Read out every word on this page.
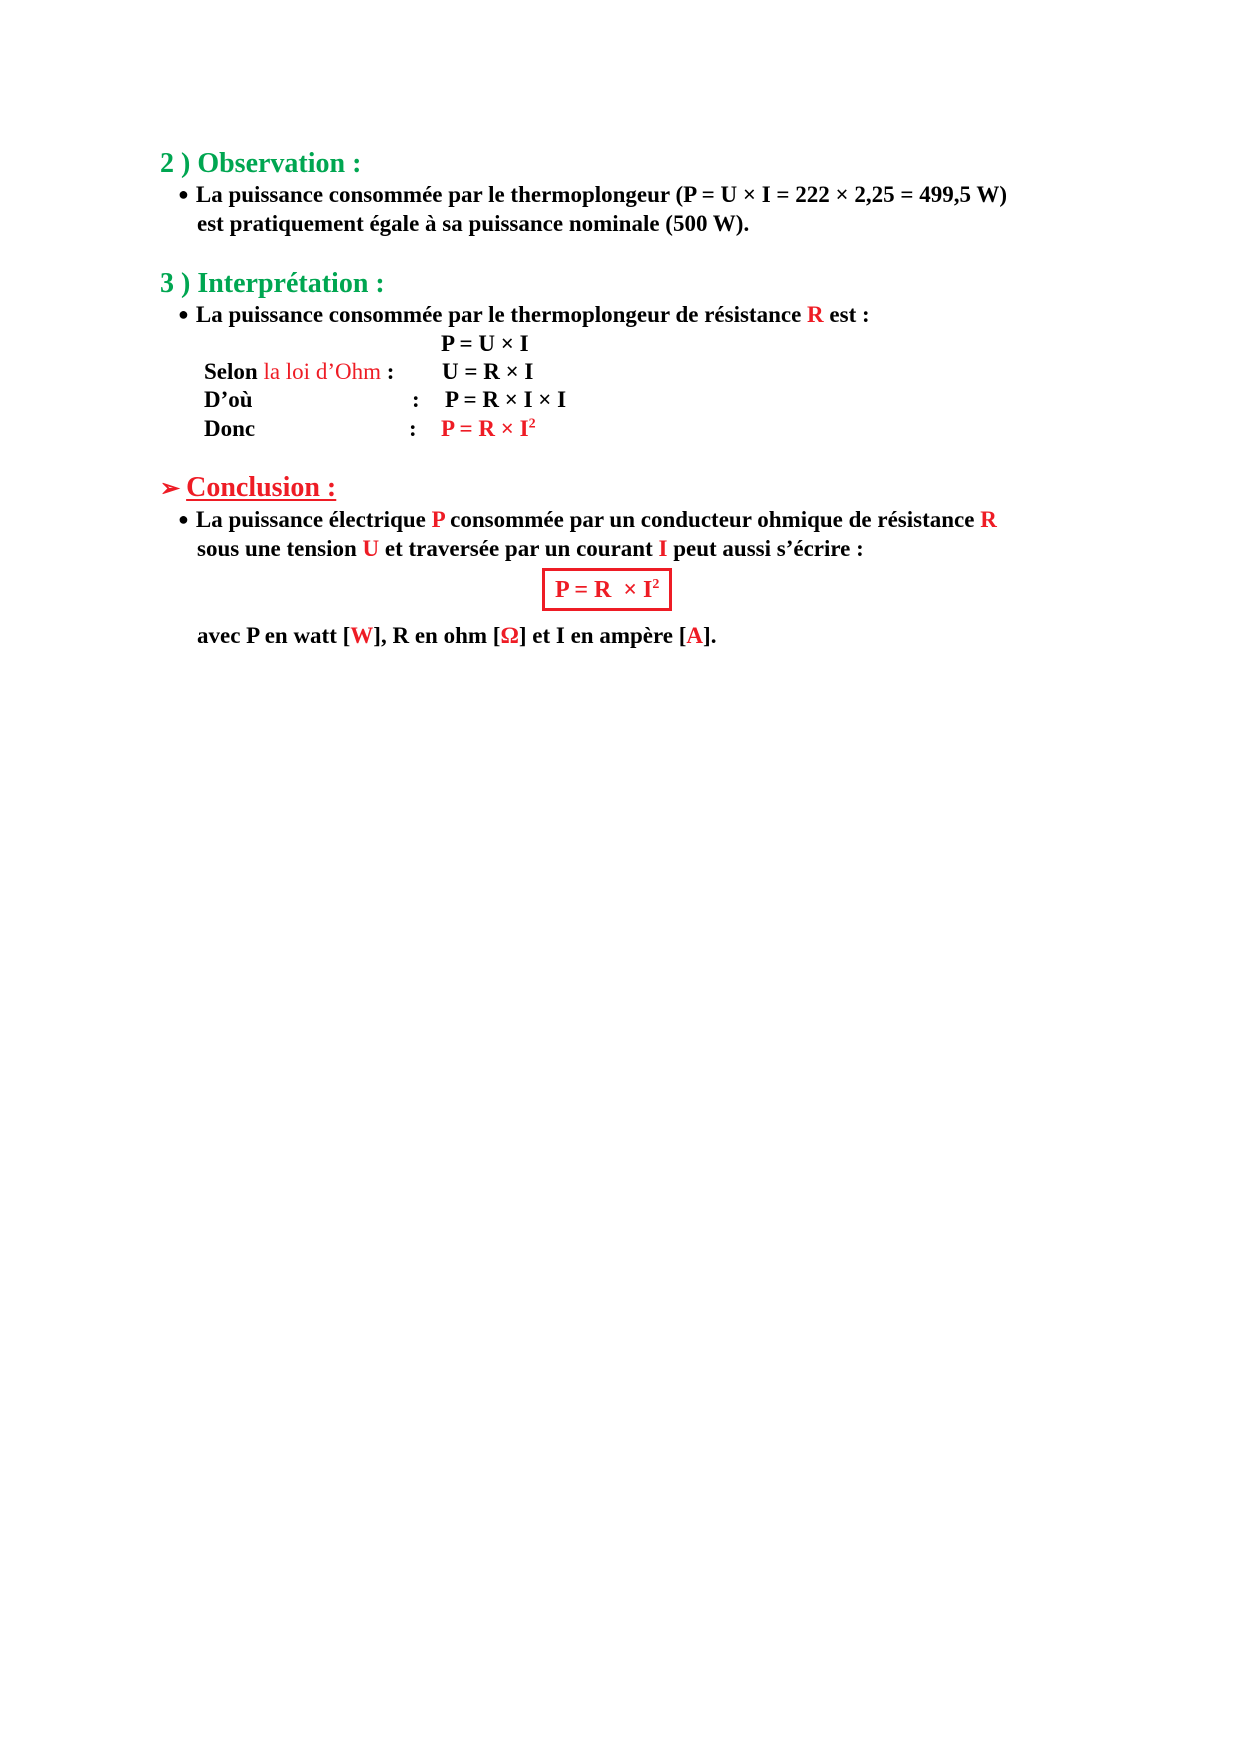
2 ) Observation :
● La puissance consommée par le thermoplongeur (P = U × I = 222 × 2,25 = 499,5 W)
est pratiquement égale à sa puissance nominale (500 W).
3 ) Interprétation :
● La puissance consommée par le thermoplongeur de résistance R est :
P = U × I
Selon la loi d’Ohm : U = R × I
D’où	: P = R × I × I
Donc	: $P = R \times I^2$
➢ Conclusion :
● La puissance électrique P consommée par un conducteur ohmique de résistance R
sous une tension U et traversée par un courant I peut aussi s’écrire :
$P = R \times I^2$
avec P en watt [W], R en ohm [Ω] et I en ampère [A].
